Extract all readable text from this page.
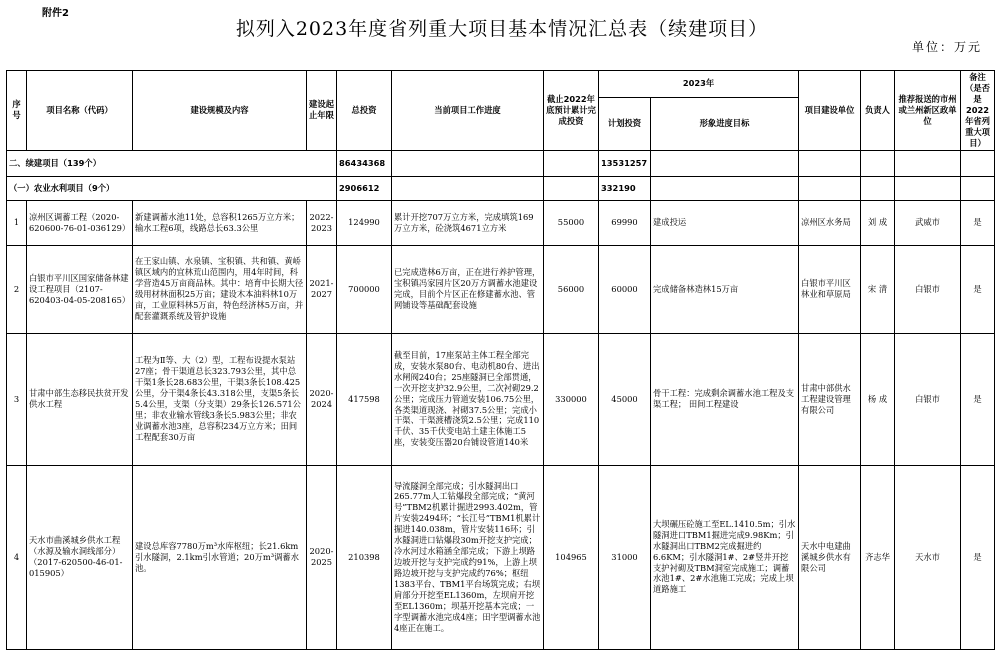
附件2
拟列入2023年度省列重大项目基本情况汇总表（续建项目）
单位：万元
序号	项目名称（代码）	建设规模及内容	建设起止年限	总投资	当前项目工作进度	截止2022年底预计累计完成投资	2023年		项目建设单位	负责人	推荐报送的市州或兰州新区政单位	备注（是否是2022年省列重大项目）
							计划投资	形象进度目标				
二、续建项目（139个）				86434368			13531257					
（一）农业水利项目（9个）				2906612			332190					
1	凉州区调蓄工程（2020-620600-76-01-036129）	新建调蓄水池11处，总容积1265万立方米；输水工程6项，线路总长63.3公里	2022-2023	124990	累计开挖707万立方米，完成填筑169万立方米，砼浇筑4671立方米	55000	69990	建成投运	凉州区水务局	刘 成	武威市	是
2	白银市平川区国家储备林建设工程项目（2107-620403-04-05-208165）	在王家山镇、水泉镇、宝积镇、共和镇、黄峤镇区域内的宜林荒山范围内，用4年时间，科学营造45万亩商品林。其中：培育中长期大径级用材林面积25万亩；建设木本油料林10万亩，工业原料林5万亩，特色经济林5万亩，并配套灌溉系统及管护设施	2021-2027	700000	已完成造林6万亩，正在进行养护管理，宝积镇冯家园片区20万方调蓄水池建设完成，目前个片区正在修建蓄水池、管网铺设等基础配套设施	56000	60000	完成储备林造林15万亩	白银市平川区林业和草原局	宋 清	白银市	是
3	甘肃中部生态移民扶贫开发供水工程	工程为Ⅱ等、大（2）型，工程布设提水泵站 27座；骨干渠道总长323.793公里，其中总干渠1条长28.683公里，干渠3条长108.425公里，分干渠4条长43.318公里，支渠5条长5.4公里，支渠（分支渠）29条长126.571公里；非农业输水管线3条长5.983公里；非农业调蓄水池3座，总容积234万立方米；田间工程配套30万亩	2020-2024	417598	截至目前，17座泵站主体工程全部完成，安装水泵80台、电动机80台、进出水闸阀240台；25座隧洞已全部贯通，一次开挖支护32.9公里，二次衬砌29.2公里；完成压力管道安装106.75公里，各类渠道现浇、衬砌37.5公里；完成小干渠、干渠渡槽浇筑2.5公里；完成110千伏、35千伏变电站土建主体施工5座，安装变压器20台铺设管道140米	330000	45000	骨干工程：完成剩余调蓄水池工程及支渠工程； 田间工程建设	甘肃中部供水工程建设管理有限公司	杨 成	白银市	是
4	天水市曲溪城乡供水工程（水源及输水洞线部分）（2017-620500-46-01-015905）	建设总库容7780万m³水库枢纽；长21.6km引水隧洞，2.1km引水管道；20万m³调蓄水池。	2020-2025	210398	导流隧洞全部完成；引水隧洞出口265.77m人工钻爆段全部完成；“黄河号”TBM2机累计掘进2993.402m，管片安装2494环；“长江号”TBM1机累计掘进140.038m，管片安装116环；引水隧洞进口钻爆段30m开挖支护完成；冷水河过水箱涵全部完成；下游上坝路边坡开挖与支护完成约91%，上游上坝路边坡开挖与支护完成约76%；枢纽1383平台、TBM1平台场筑完成；右坝肩部分开挖至EL1360m，左坝肩开挖至EL1360m；坝基开挖基本完成；一字型调蓄水池完成4座；田字型调蓄水池4座正在施工。	104965	31000	大坝碾压砼施工至EL.1410.5m；引水隧洞进口TBM1掘进完成9.98Km；引水隧洞出口TBM2完成掘进约6.6KM；引水隧洞1#、2#竖井开挖支护衬砌及TBM洞室完成施工；调蓄水池1#、2#水池施工完成；完成上坝道路施工	天水中电建曲溪城乡供水有限公司	齐志华	天水市	是
